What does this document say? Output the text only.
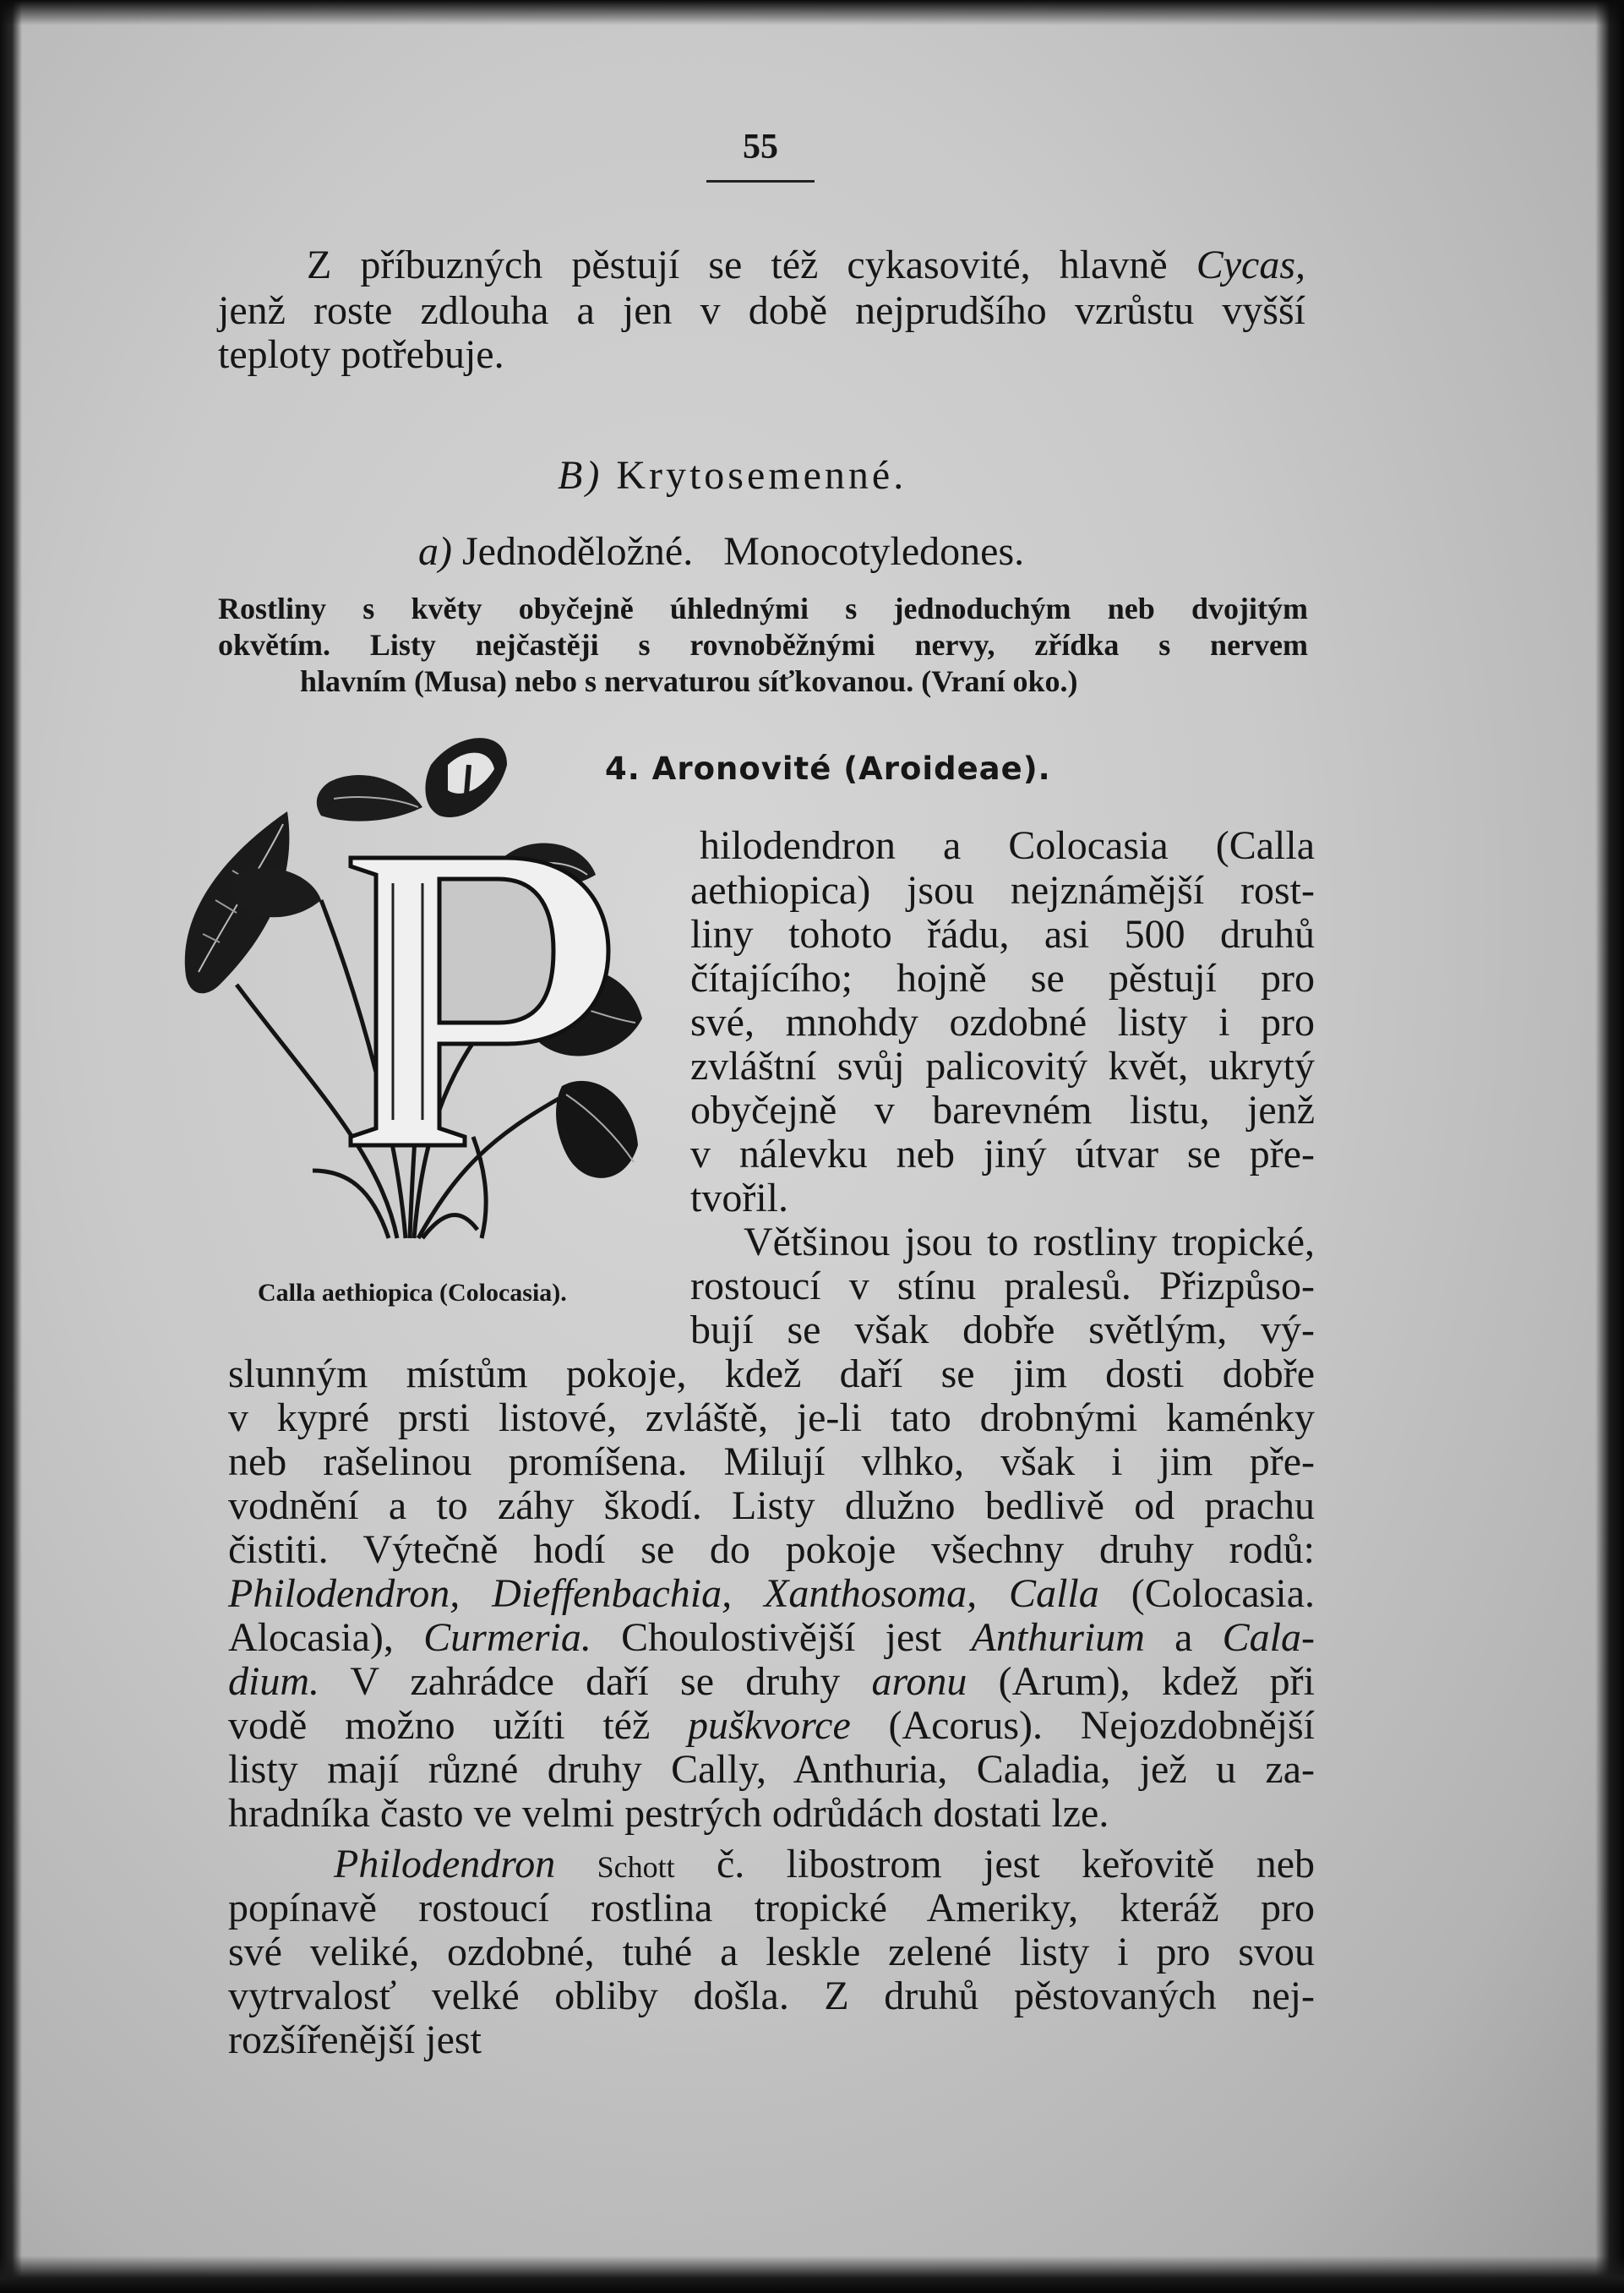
55
Z příbuzných pěstují se též cykasovité, hlavně Cycas,
jenž roste zdlouha a jen v době nejprudšího vzrůstu vyšší
teploty potřebuje.
B) Krytosemenné.
a) Jednoděložné.   Monocotyledones.
Rostliny s květy obyčejně úhlednými s jednoduchým neb dvojitým
okvětím. Listy nejčastěji s rovnoběžnými nervy, zřídka s nervem
hlavním (Musa) nebo s nervaturou síťkovanou. (Vraní oko.)
4. Aronovité (Aroideae).
Calla aethiopica (Colocasia).
hilodendron a Colocasia (Calla
aethiopica) jsou nejznámější rost-
liny tohoto řádu, asi 500 druhů
čítajícího; hojně se pěstují pro
své, mnohdy ozdobné listy i pro
zvláštní svůj palicovitý květ, ukrytý
obyčejně v barevném listu, jenž
v nálevku neb jiný útvar se pře-
tvořil.
Většinou jsou to rostliny tropické,
rostoucí v stínu pralesů. Přizpůso-
bují se však dobře světlým, vý-
slunným místům pokoje, kdež daří se jim dosti dobře
v kypré prsti listové, zvláště, je-li tato drobnými kaménky
neb rašelinou promíšena. Milují vlhko, však i jim pře-
vodnění a to záhy škodí. Listy dlužno bedlivě od prachu
čistiti. Výtečně hodí se do pokoje všechny druhy rodů:
Philodendron, Dieffenbachia, Xanthosoma, Calla (Colocasia.
Alocasia), Curmeria. Choulostivější jest Anthurium a Cala-
dium. V zahrádce daří se druhy aronu (Arum), kdež při
vodě možno užíti též puškvorce (Acorus). Nejozdobnější
listy mají různé druhy Cally, Anthuria, Caladia, jež u za-
hradníka často ve velmi pestrých odrůdách dostati lze.
Philodendron Schott č. libostrom jest keřovitě neb
popínavě rostoucí rostlina tropické Ameriky, kteráž pro
své veliké, ozdobné, tuhé a leskle zelené listy i pro svou
vytrvalosť velké obliby došla. Z druhů pěstovaných nej-
rozšířenější jest
